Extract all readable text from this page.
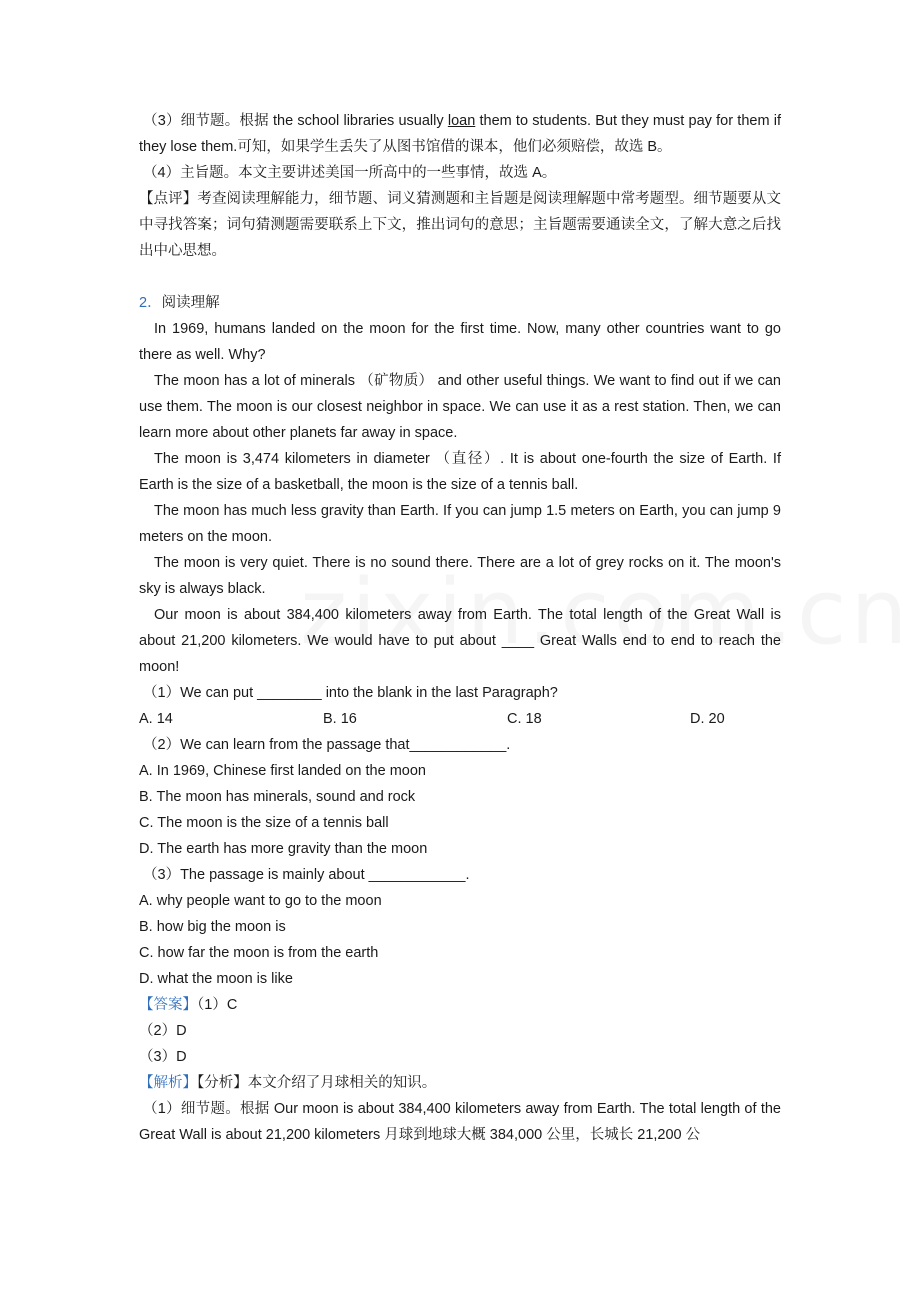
（3）细节题。根据 the school libraries usually loan them to students. But they must pay for them if they lose them.可知，如果学生丢失了从图书馆借的课本，他们必须赔偿，故选 B。

（4）主旨题。本文主要讲述美国一所高中的一些事情，故选 A。

【点评】考查阅读理解能力，细节题、词义猜测题和主旨题是阅读理解题中常考题型。细节题要从文中寻找答案；词句猜测题需要联系上下文，推出词句的意思；主旨题需要通读全文，了解大意之后找出中心思想。

2．阅读理解

In 1969, humans landed on the moon for the first time. Now, many other countries want to go there as well. Why?

The moon has a lot of minerals （矿物质） and other useful things. We want to find out if we can use them. The moon is our closest neighbor in space. We can use it as a rest station. Then, we can learn more about other planets far away in space.

The moon is 3,474 kilometers in diameter （直径）. It is about one-fourth the size of Earth. If Earth is the size of a basketball, the moon is the size of a tennis ball.

The moon has much less gravity than Earth. If you can jump 1.5 meters on Earth, you can jump 9 meters on the moon.

The moon is very quiet. There is no sound there. There are a lot of grey rocks on it. The moon's sky is always black.

Our moon is about 384,400 kilometers away from Earth. The total length of the Great Wall is about 21,200 kilometers. We would have to put about ____ Great Walls end to end to reach the moon!

（1）We can put ________ into the blank in the last Paragraph?

A. 14	B. 16	C. 18	D. 20

（2）We can learn from the passage that____________.

A. In 1969, Chinese first landed on the moon

B. The moon has minerals, sound and rock

C. The moon is the size of a tennis ball

D. The earth has more gravity than the moon

（3）The passage is mainly about ____________.

A. why people want to go to the moon

B. how big the moon is

C. how far the moon is from the earth

D. what the moon is like

【答案】（1）C

（2）D

（3）D

【解析】【分析】本文介绍了月球相关的知识。

（1）细节题。根据 Our moon is about 384,400 kilometers away from Earth. The total length of the Great Wall is about 21,200 kilometers 月球到地球大概 384,000 公里，长城长 21,200 公
